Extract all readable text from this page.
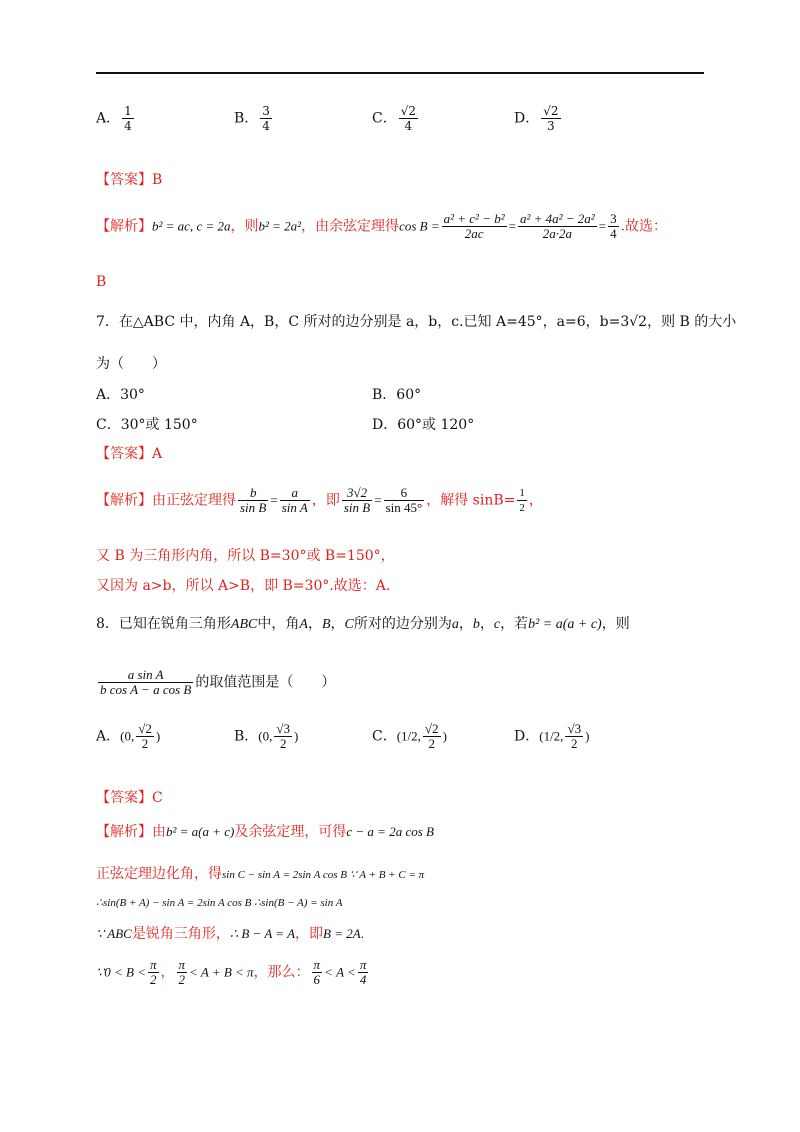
A． $\frac{1}{4}$	B． $\frac{3}{4}$	C． $\frac{√2}{4}$	D． $\frac{√2}{3}$
【答案】B
【解析】b² = ac, c = 2a，则b² = 2a²，由余弦定理得$\cos B = \frac{\text{a² + c² − b²}}{2ac} = \frac{\text{a² + 4a² − 2a²}}{2a\cdot 2a} = \frac{3}{4}$ .故选：
B
7．在△ABC 中，内角 A，B，C 所对的边分别是 a，b，c.已知 A=45°，a=6，b=3√2，则 B 的大小
为（　　）
A．30°	B．60°
C．30°或 150°	D．60°或 120°
【答案】A
【解析】由正弦定理得 $\frac{b}{\text{sin B}} = \frac{a}{\text{sin A}}$ ，即 $\frac{3√2}{\text{sin B}} = \frac{6}{\sin 45^\circ}$ ，解得 $\sin B= \frac{1}{2}$ ，
又 B 为三角形内角，所以 B=30°或 B=150°，
又因为 a>b，所以 A>B，即 B=30°.故选：A.
8．已知在锐角三角形ABC中，角A，B，C所对的边分别为a，b，c，若b² = a(a + c)，则
$\frac{\text{a sin A}}{\text{b cos A − a cos B}}$ 的取值范围是（　　）
A．(0, $\frac{√2}{2}$ )	B．(0, $\frac{√3}{2}$ )	C．(1/2, $\frac{√2}{2}$ )	D．(1/2, $\frac{√3}{2}$ )
【答案】C
【解析】由b² = a(a + c)及余弦定理，可得c − a = 2a cos B
正弦定理边化角，得sin C − sin A = 2sin A cos B ∵ A + B + C = π
∴sin(B + A) − sin A = 2sin A cos B ∴sin(B − A) = sin A
∵ ABC是锐角三角形，∴ B − A = A，即B = 2A.
∵0 < $B < \frac{\pi}{2}$ ， $\frac{\pi}{2} < A + B < \pi$，那么： $\frac{\pi}{6} < A < \frac{\pi}{4}$
